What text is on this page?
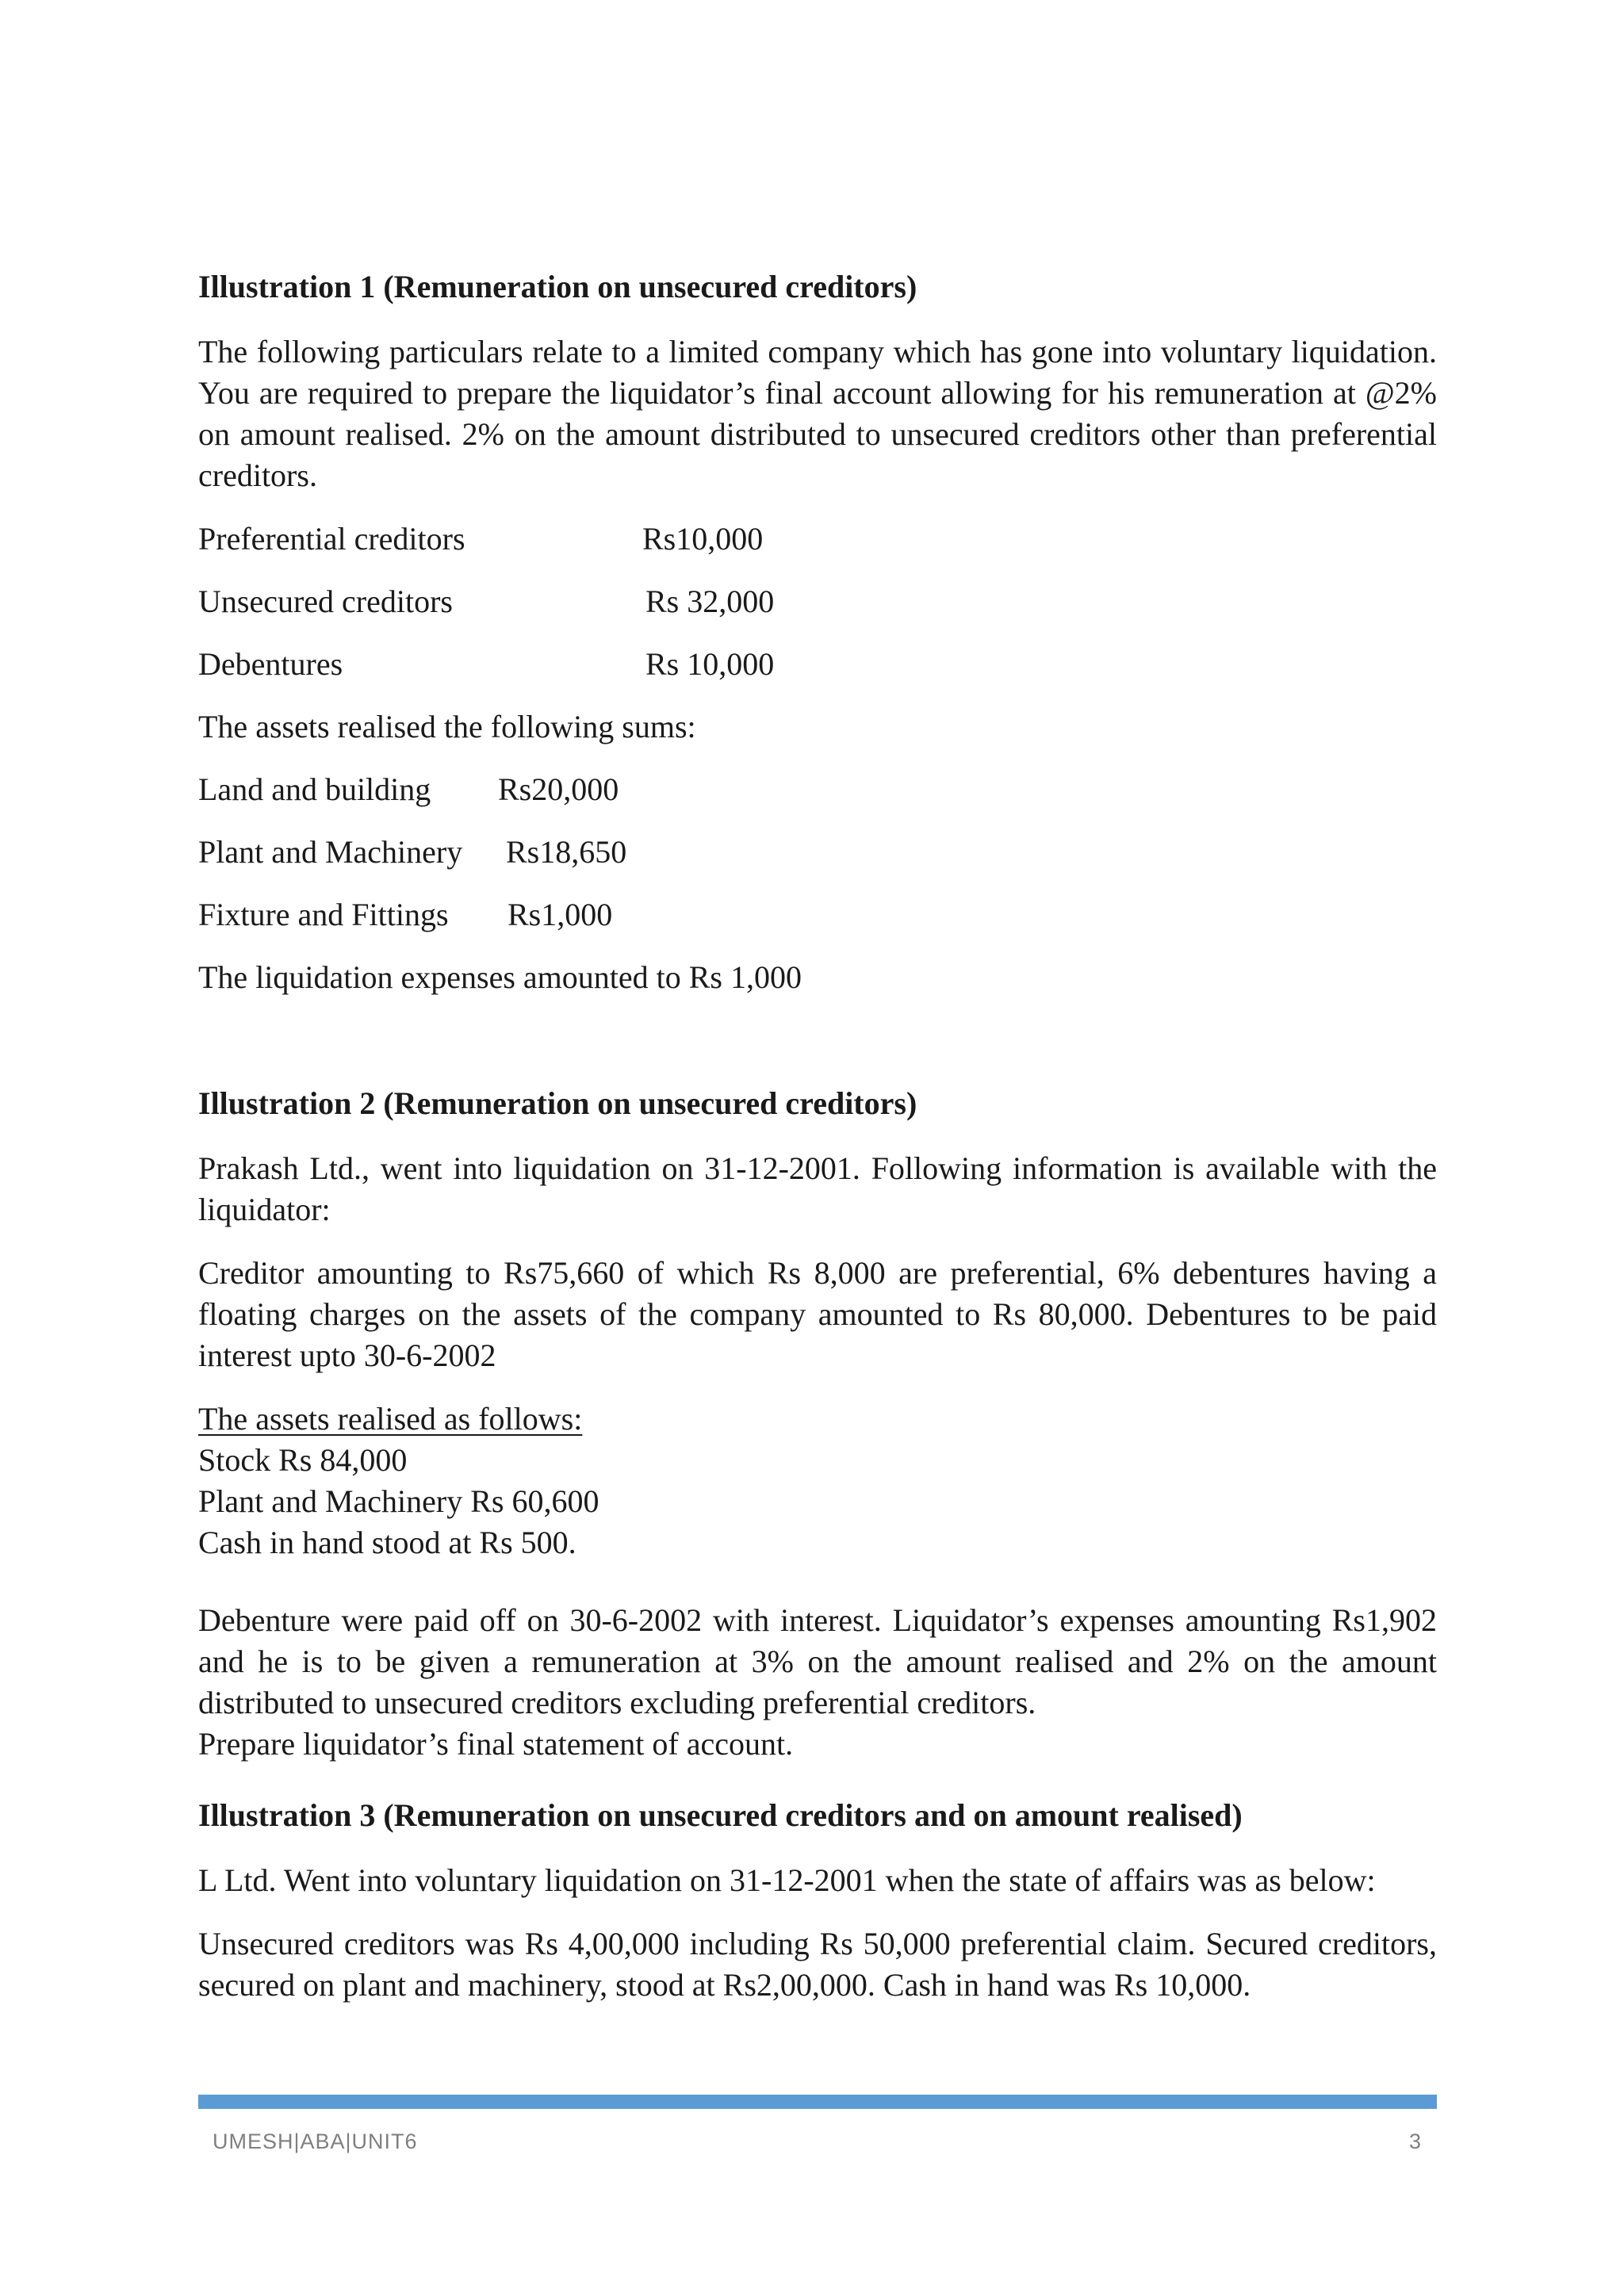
Illustration 1 (Remuneration on unsecured creditors)
The following particulars relate to a limited company which has gone into voluntary liquidation. You are required to prepare the liquidator’s final account allowing for his remuneration at @2% on amount realised. 2% on the amount distributed to unsecured creditors other than preferential creditors.
Preferential creditors	Rs10,000
Unsecured creditors	Rs 32,000
Debentures	Rs 10,000
The assets realised the following sums:
Land and building Rs20,000
Plant and Machinery Rs18,650
Fixture and Fittings Rs1,000
The liquidation expenses amounted to Rs 1,000
Illustration 2 (Remuneration on unsecured creditors)
Prakash Ltd., went into liquidation on 31-12-2001. Following information is available with the liquidator:
Creditor amounting to Rs75,660 of which Rs 8,000 are preferential, 6% debentures having a floating charges on the assets of the company amounted to Rs 80,000. Debentures to be paid interest upto 30-6-2002
The assets realised as follows:
Stock Rs 84,000
Plant and Machinery Rs 60,600
Cash in hand stood at Rs 500.
Debenture were paid off on 30-6-2002 with interest. Liquidator’s expenses amounting Rs1,902 and he is to be given a remuneration at 3% on the amount realised and 2% on the amount distributed to unsecured creditors excluding preferential creditors.
Prepare liquidator’s final statement of account.
Illustration 3 (Remuneration on unsecured creditors and on amount realised)
L Ltd. Went into voluntary liquidation on 31-12-2001 when the state of affairs was as below:
Unsecured creditors was Rs 4,00,000 including Rs 50,000 preferential claim. Secured creditors, secured on plant and machinery, stood at Rs2,00,000. Cash in hand was Rs 10,000.
UMESH|ABA|UNIT6	3
